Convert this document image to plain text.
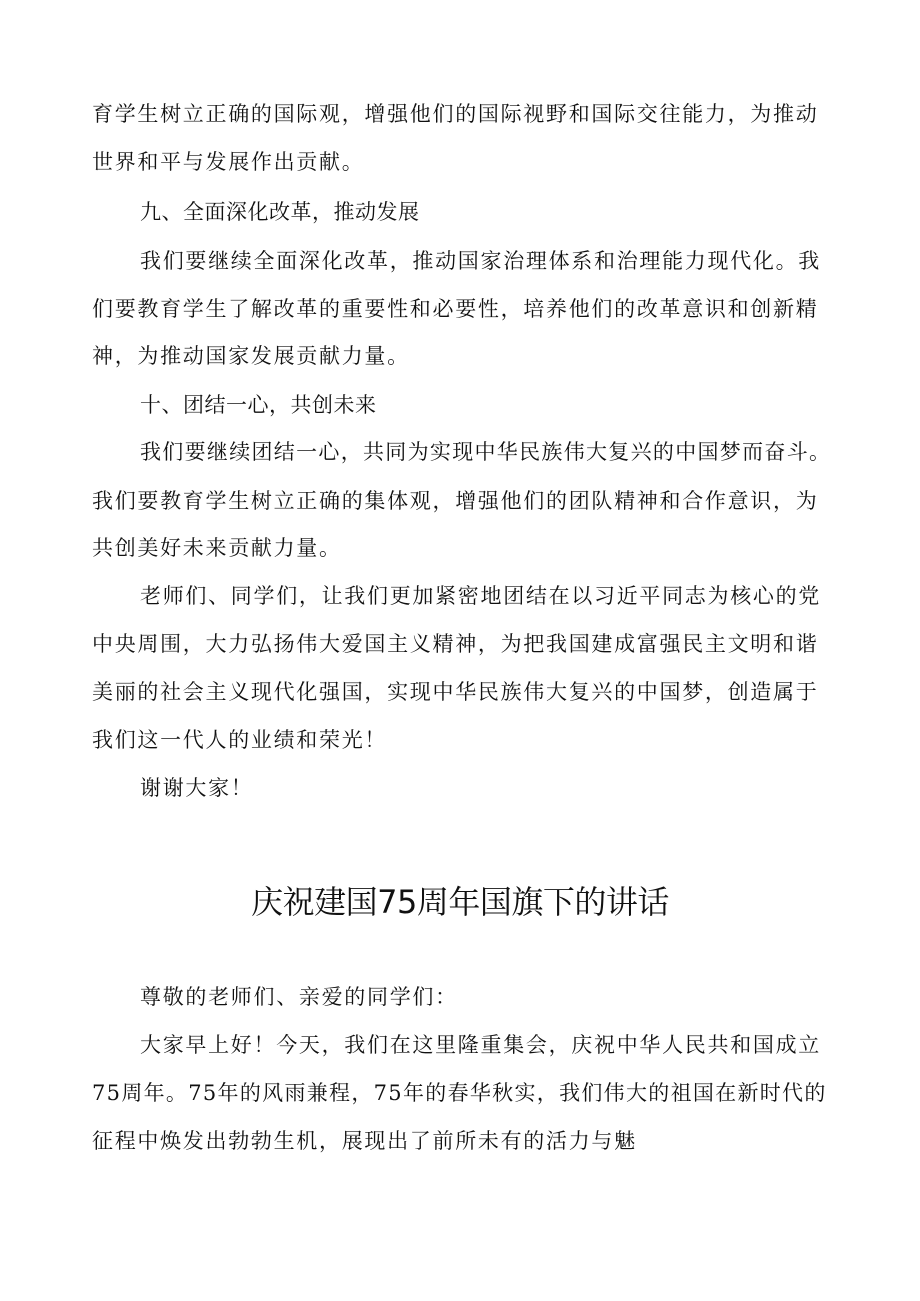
育学生树立正确的国际观，增强他们的国际视野和国际交往能力，为推动
世界和平与发展作出贡献。
九、全面深化改革，推动发展
我们要继续全面深化改革，推动国家治理体系和治理能力现代化。我
们要教育学生了解改革的重要性和必要性，培养他们的改革意识和创新精
神，为推动国家发展贡献力量。
十、团结一心，共创未来
我们要继续团结一心，共同为实现中华民族伟大复兴的中国梦而奋斗。
我们要教育学生树立正确的集体观，增强他们的团队精神和合作意识，为
共创美好未来贡献力量。
老师们、同学们，让我们更加紧密地团结在以习近平同志为核心的党
中央周围，大力弘扬伟大爱国主义精神，为把我国建成富强民主文明和谐
美丽的社会主义现代化强国，实现中华民族伟大复兴的中国梦，创造属于
我们这一代人的业绩和荣光！
谢谢大家！
庆祝建国75周年国旗下的讲话
尊敬的老师们、亲爱的同学们：
大家早上好！今天，我们在这里隆重集会，庆祝中华人民共和国成立
75周年。75年的风雨兼程，75年的春华秋实，我们伟大的祖国在新时代的
征程中焕发出勃勃生机，展现出了前所未有的活力与魅
